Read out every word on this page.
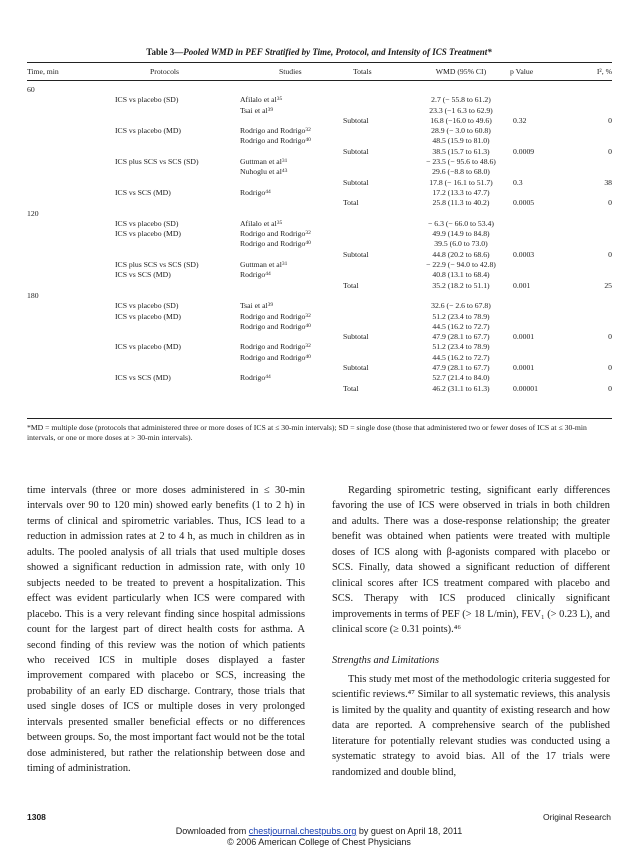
Table 3—Pooled WMD in PEF Stratified by Time, Protocol, and Intensity of ICS Treatment*
Time, min	Protocols	Studies	Totals	WMD (95% CI)	p Value	I², %
60
ICS vs placebo (SD)	Afilalo et $al^{35}$	2.7 (− 55.8 to 61.2)
Tsai et $al^{39}$	23.3 (−1 6.3 to 62.9)
Subtotal	16.8 (−16.0 to 49.6)	0.32	0
ICS vs placebo (MD)	Rodrigo and Rodrigo$^{32}$	28.9 (− 3.0 to 60.8)
Rodrigo and Rodrigo$^{40}$	48.5 (15.9 to 81.0)
Subtotal	38.5 (15.7 to 61.3)	0.0009	0
ICS plus SCS vs SCS (SD)	Guttman et $al^{31}$	− 23.5 (− 95.6 to 48.6)
Nuhoglu et $al^{43}$	29.6 (−8.8 to 68.0)
Subtotal	17.8 (− 16.1 to 51.7)	0.3	38
ICS vs SCS (MD)	Rodrigo$^{44}$	17.2 (13.3 to 47.7)
Total	25.8 (11.3 to 40.2)	0.0005	0
120
ICS vs placebo (SD)	Afilalo et $al^{35}$	− 6.3 (− 66.0 to 53.4)
ICS vs placebo (MD)	Rodrigo and Rodrigo$^{32}$	49.9 (14.9 to 84.8)
Rodrigo and Rodrigo$^{40}$	39.5 (6.0 to 73.0)
Subtotal	44.8 (20.2 to 68.6)	0.0003	0
ICS plus SCS vs SCS (SD)	Guttman et $al^{31}$	− 22.9 (− 94.0 to 42.8)
ICS vs SCS (MD)	Rodrigo$^{44}$	40.8 (13.1 to 68.4)
Total	35.2 (18.2 to 51.1)	0.001	25
180
ICS vs placebo (SD)	Tsai et $al^{39}$	32.6 (− 2.6 to 67.8)
ICS vs placebo (MD)	Rodrigo and Rodrigo$^{32}$	51.2 (23.4 to 78.9)
Rodrigo and Rodrigo$^{40}$	44.5 (16.2 to 72.7)
Subtotal	47.9 (28.1 to 67.7)	0.0001	0
ICS vs placebo (MD)	Rodrigo and Rodrigo$^{32}$	51.2 (23.4 to 78.9)
Rodrigo and Rodrigo$^{40}$	44.5 (16.2 to 72.7)
Subtotal	47.9 (28.1 to 67.7)	0.0001	0
ICS vs SCS (MD)	Rodrigo$^{44}$	52.7 (21.4 to 84.0)
Total	46.2 (31.1 to 61.3)	0.00001	0
*MD = multiple dose (protocols that administered three or more doses of ICS at ≤ 30-min intervals); SD = single dose (those that administered two or fewer doses of ICS at ≤ 30-min intervals, or one or more doses at > 30-min intervals).

time intervals (three or more doses administered in ≤ 30-min intervals over 90 to 120 min) showed early benefits (1 to 2 h) in terms of clinical and spirometric variables. Thus, ICS lead to a reduction in admission rates at 2 to 4 h, as much in children as in adults. The pooled analysis of all trials that used multiple doses showed a significant reduction in admission rate, with only 10 subjects needed to be treated to prevent a hospitalization. This effect was evident particularly when ICS were compared with placebo. This is a very relevant finding since hospital admissions count for the largest part of direct health costs for asthma. A second finding of this review was the notion of which patients who received ICS in multiple doses displayed a faster improvement compared with placebo or SCS, increasing the probability of an early ED discharge. Contrary, those trials that used single doses of ICS or multiple doses in very prolonged intervals presented smaller beneficial effects or no differences between groups. So, the most important fact would not be the total dose administered, but rather the relationship between dose and timing of administration.

Regarding spirometric testing, significant early differences favoring the use of ICS were observed in trials in both children and adults. There was a dose-response relationship; the greater benefit was obtained when patients were treated with multiple doses of ICS along with β-agonists compared with placebo or SCS. Finally, data showed a significant reduction of different clinical scores after ICS treatment compared with placebo and SCS. Therapy with ICS produced clinically significant improvements in terms of PEF (> 18 L/min), FEV₁ (> 0.23 L), and clinical score (≥ 0.31 points).⁴⁶

Strengths and Limitations

This study met most of the methodologic criteria suggested for scientific reviews.⁴⁷ Similar to all systematic reviews, this analysis is limited by the quality and quantity of existing research and how data are reported. A comprehensive search of the published literature for potentially relevant studies was conducted using a systematic strategy to avoid bias. All of the 17 trials were randomized and double blind,

1308	Original Research
Downloaded from chestjournal.chestpubs.org by guest on April 18, 2011
© 2006 American College of Chest Physicians
